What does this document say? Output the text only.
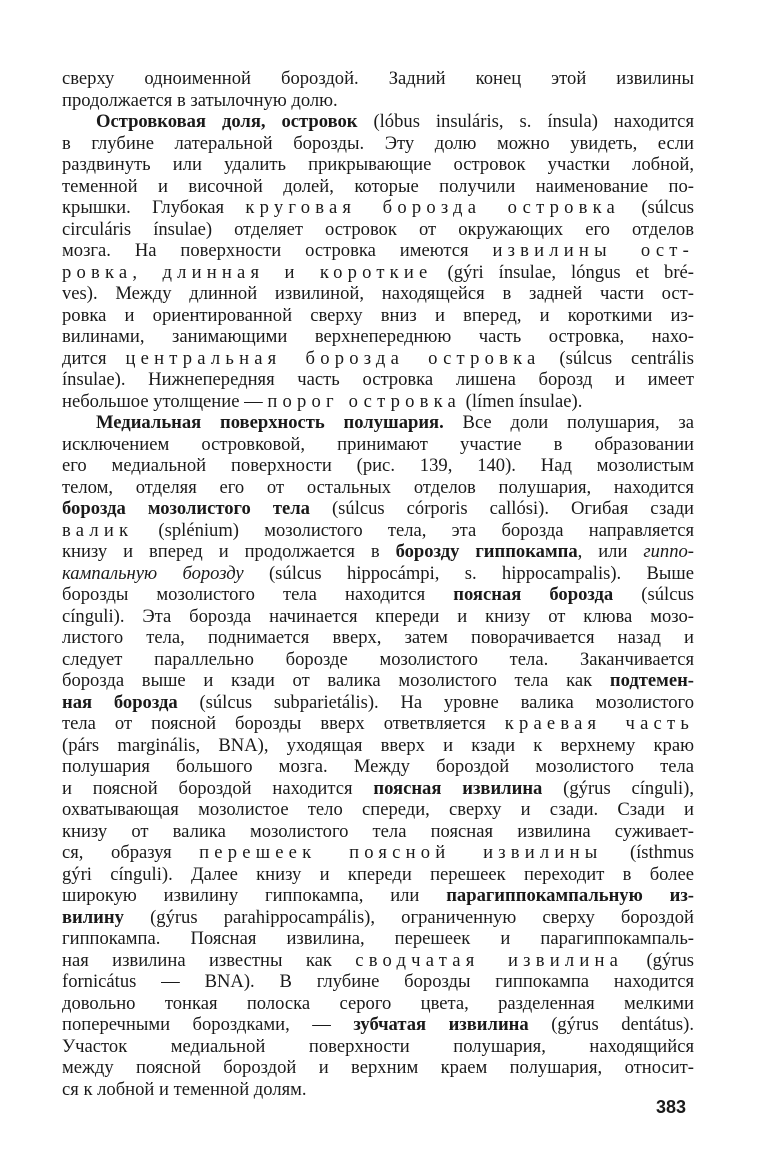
сверху одноименной бороздой. Задний конец этой извилины
продолжается в затылочную долю.
Островковая доля, островок (lóbus insuláris, s. ínsula) находится
в глубине латеральной борозды. Эту долю можно увидеть, если
раздвинуть или удалить прикрывающие островок участки лобной,
теменной и височной долей, которые получили наименование по-
крышки. Глубокая круговая борозда островка (súlcus
circuláris ínsulae) отделяет островок от окружающих его отделов
мозга. На поверхности островка имеются извилины ост-
ровка, длинная и короткие (gýri ínsulae, lóngus et bré-
ves). Между длинной извилиной, находящейся в задней части ост-
ровка и ориентированной сверху вниз и вперед, и короткими из-
вилинами, занимающими верхнепереднюю часть островка, нахо-
дится центральная борозда островка (súlcus centrális
ínsulae). Нижнепередняя часть островка лишена борозд и имеет
небольшое утолщение — порог островка (límen ínsulae).
Медиальная поверхность полушария. Все доли полушария, за
исключением островковой, принимают участие в образовании
его медиальной поверхности (рис. 139, 140). Над мозолистым
телом, отделяя его от остальных отделов полушария, находится
борозда мозолистого тела (súlcus córporis callósi). Огибая сзади
валик (splénium) мозолистого тела, эта борозда направляется
книзу и вперед и продолжается в борозду гиппокампа, или гиппо-
кампальную борозду (súlcus hippocámpi, s. hippocampalis). Выше
борозды мозолистого тела находится поясная борозда (súlcus
cínguli). Эта борозда начинается кпереди и книзу от клюва мозо-
листого тела, поднимается вверх, затем поворачивается назад и
следует параллельно борозде мозолистого тела. Заканчивается
борозда выше и кзади от валика мозолистого тела как подтемен-
ная борозда (súlcus subparietális). На уровне валика мозолистого
тела от поясной борозды вверх ответвляется краевая часть
(párs marginális, BNA), уходящая вверх и кзади к верхнему краю
полушария большого мозга. Между бороздой мозолистого тела
и поясной бороздой находится поясная извилина (gýrus cínguli),
охватывающая мозолистое тело спереди, сверху и сзади. Сзади и
книзу от валика мозолистого тела поясная извилина суживает-
ся, образуя перешеек поясной извилины (ísthmus
gýri cínguli). Далее книзу и кпереди перешеек переходит в более
широкую извилину гиппокампа, или парагиппокампальную из-
вилину (gýrus parahippocampális), ограниченную сверху бороздой
гиппокампа. Поясная извилина, перешеек и парагиппокампаль-
ная извилина известны как сводчатая извилина (gýrus
fornicátus — BNA). В глубине борозды гиппокампа находится
довольно тонкая полоска серого цвета, разделенная мелкими
поперечными бороздками, — зубчатая извилина (gýrus dentátus).
Участок медиальной поверхности полушария, находящийся
между поясной бороздой и верхним краем полушария, относит-
ся к лобной и теменной долям.
383
